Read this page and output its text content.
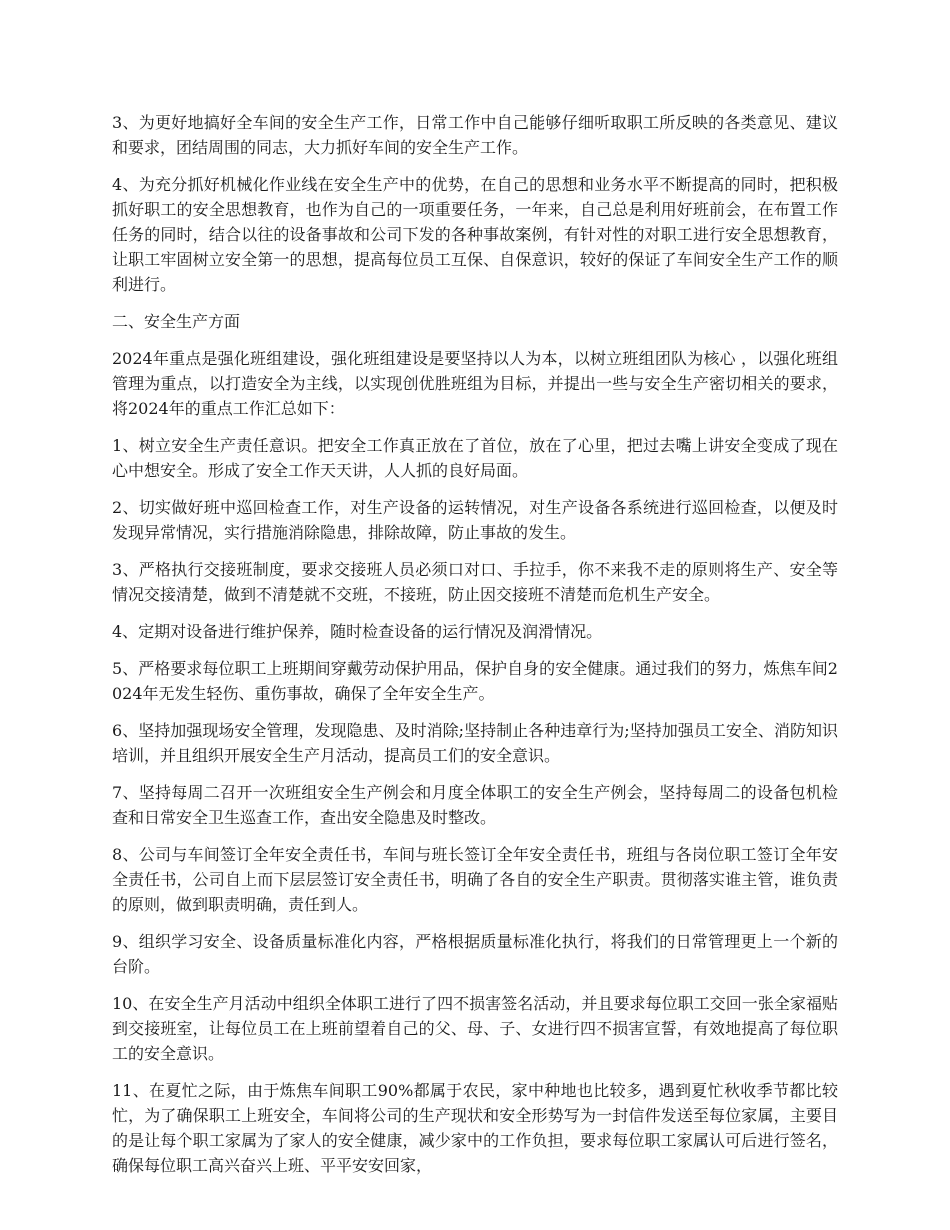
3、为更好地搞好全车间的安全生产工作，日常工作中自己能够仔细听取职工所反映的各类意见、建议和要求，团结周围的同志，大力抓好车间的安全生产工作。

4、为充分抓好机械化作业线在安全生产中的优势，在自己的思想和业务水平不断提高的同时，把积极抓好职工的安全思想教育，也作为自己的一项重要任务，一年来，自己总是利用好班前会，在布置工作任务的同时，结合以往的设备事故和公司下发的各种事故案例，有针对性的对职工进行安全思想教育，让职工牢固树立安全第一的思想，提高每位员工互保、自保意识，较好的保证了车间安全生产工作的顺利进行。

二、安全生产方面

2024年重点是强化班组建设，强化班组建设是要坚持以人为本，以树立班组团队为核心 ，以强化班组管理为重点，以打造安全为主线，以实现创优胜班组为目标，并提出一些与安全生产密切相关的要求，将2024年的重点工作汇总如下：

1、树立安全生产责任意识。把安全工作真正放在了首位，放在了心里，把过去嘴上讲安全变成了现在心中想安全。形成了安全工作天天讲，人人抓的良好局面。

2、切实做好班中巡回检查工作，对生产设备的运转情况，对生产设备各系统进行巡回检查，以便及时发现异常情况，实行措施消除隐患，排除故障，防止事故的发生。

3、严格执行交接班制度，要求交接班人员必须口对口、手拉手，你不来我不走的原则将生产、安全等情况交接清楚，做到不清楚就不交班，不接班，防止因交接班不清楚而危机生产安全。

4、定期对设备进行维护保养，随时检查设备的运行情况及润滑情况。

5、严格要求每位职工上班期间穿戴劳动保护用品，保护自身的安全健康。通过我们的努力，炼焦车间2024年无发生轻伤、重伤事故，确保了全年安全生产。

6、坚持加强现场安全管理，发现隐患、及时消除;坚持制止各种违章行为;坚持加强员工安全、消防知识培训，并且组织开展安全生产月活动，提高员工们的安全意识。

7、坚持每周二召开一次班组安全生产例会和月度全体职工的安全生产例会，坚持每周二的设备包机检查和日常安全卫生巡查工作，查出安全隐患及时整改。

8、公司与车间签订全年安全责任书，车间与班长签订全年安全责任书，班组与各岗位职工签订全年安全责任书，公司自上而下层层签订安全责任书，明确了各自的安全生产职责。贯彻落实谁主管，谁负责的原则，做到职责明确，责任到人。

9、组织学习安全、设备质量标准化内容，严格根据质量标准化执行，将我们的日常管理更上一个新的台阶。

10、在安全生产月活动中组织全体职工进行了四不损害签名活动，并且要求每位职工交回一张全家福贴到交接班室，让每位员工在上班前望着自己的父、母、子、女进行四不损害宣誓，有效地提高了每位职工的安全意识。

11、在夏忙之际，由于炼焦车间职工90%都属于农民，家中种地也比较多，遇到夏忙秋收季节都比较忙，为了确保职工上班安全，车间将公司的生产现状和安全形势写为一封信件发送至每位家属，主要目的是让每个职工家属为了家人的安全健康，减少家中的工作负担，要求每位职工家属认可后进行签名，确保每位职工高兴奋兴上班、平平安安回家，
